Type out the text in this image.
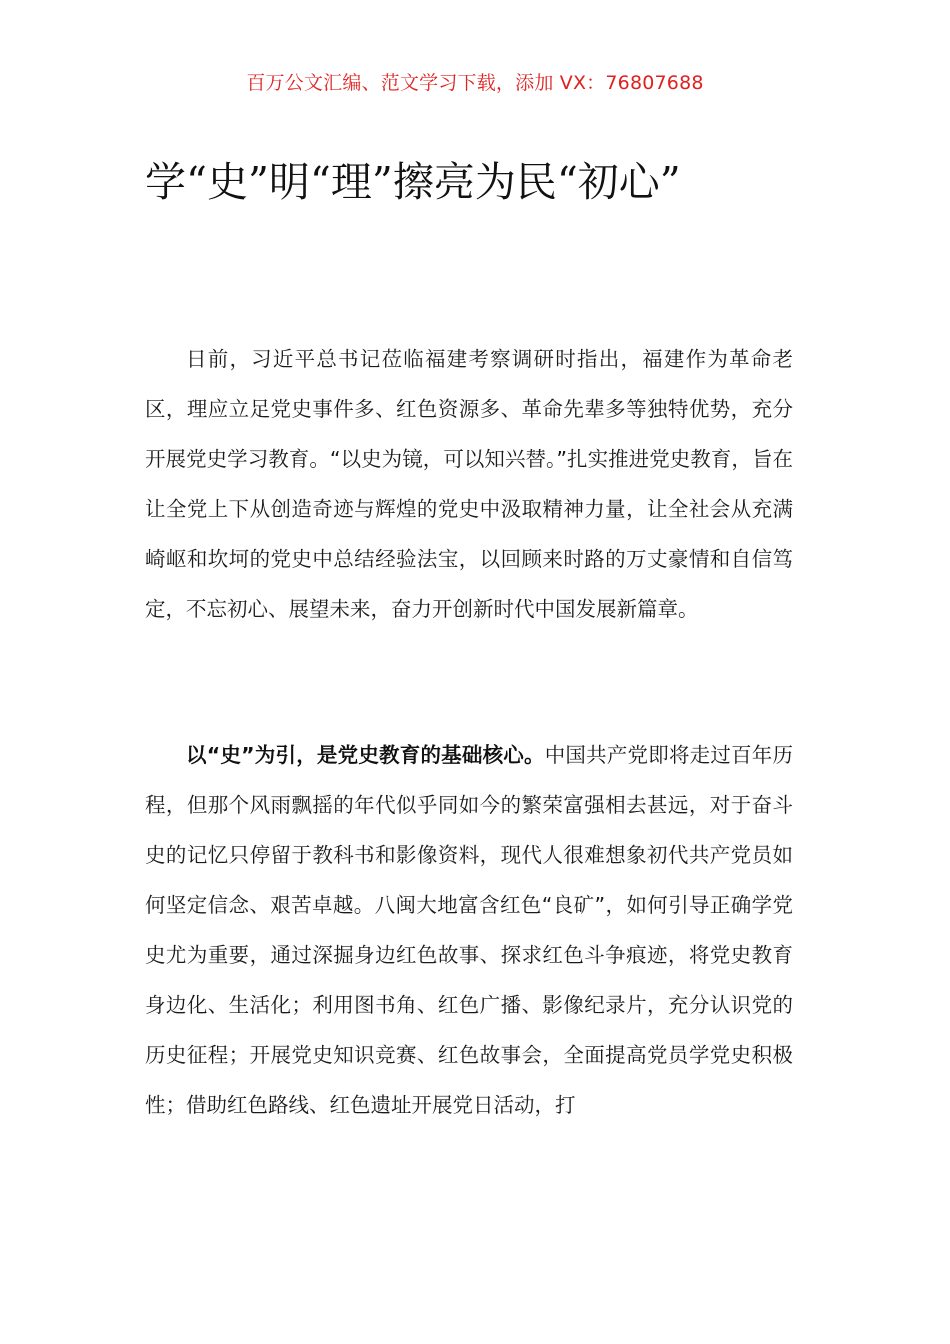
百万公文汇编、范文学习下载，添加 VX：76807688
学“史”明“理”擦亮为民“初心”

日前，习近平总书记莅临福建考察调研时指出，福建作为革命老区，理应立足党史事件多、红色资源多、革命先辈多等独特优势，充分开展党史学习教育。“以史为镜，可以知兴替。”扎实推进党史教育，旨在让全党上下从创造奇迹与辉煌的党史中汲取精神力量，让全社会从充满崎岖和坎坷的党史中总结经验法宝，以回顾来时路的万丈豪情和自信笃定，不忘初心、展望未来，奋力开创新时代中国发展新篇章。

以“史”为引，是党史教育的基础核心。中国共产党即将走过百年历程，但那个风雨飘摇的年代似乎同如今的繁荣富强相去甚远，对于奋斗史的记忆只停留于教科书和影像资料，现代人很难想象初代共产党员如何坚定信念、艰苦卓越。八闽大地富含红色“良矿”，如何引导正确学党史尤为重要，通过深掘身边红色故事、探求红色斗争痕迹，将党史教育身边化、生活化；利用图书角、红色广播、影像纪录片，充分认识党的历史征程；开展党史知识竞赛、红色故事会，全面提高党员学党史积极性；借助红色路线、红色遗址开展党日活动，打
